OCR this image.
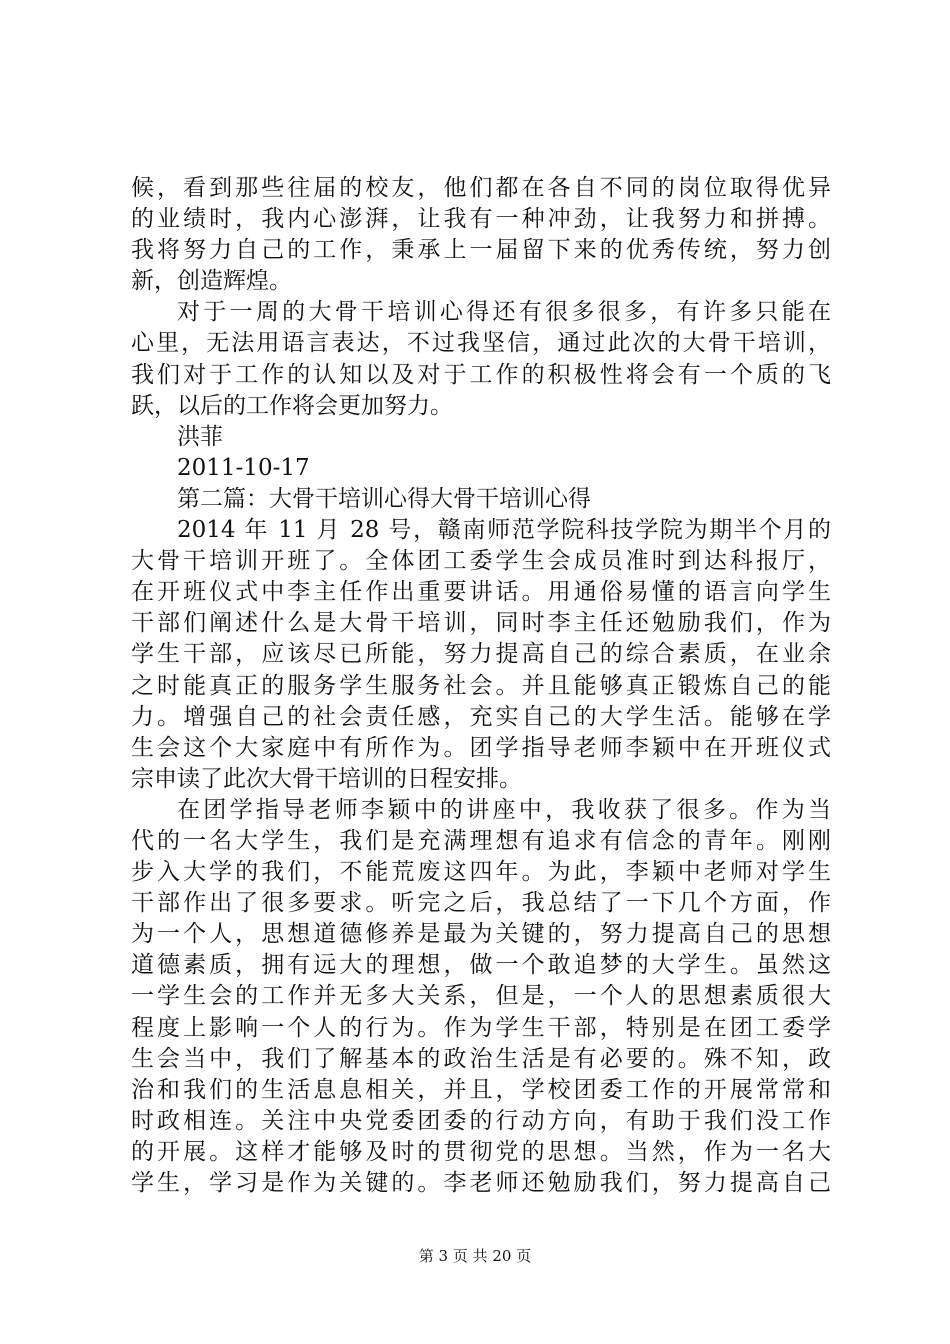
候，看到那些往届的校友，他们都在各自不同的岗位取得优异
的业绩时，我内心澎湃，让我有一种冲劲，让我努力和拼搏。
我将努力自己的工作，秉承上一届留下来的优秀传统，努力创
新，创造辉煌。
对于一周的大骨干培训心得还有很多很多，有许多只能在
心里，无法用语言表达，不过我坚信，通过此次的大骨干培训，
我们对于工作的认知以及对于工作的积极性将会有一个质的飞
跃，以后的工作将会更加努力。
洪菲
2011-10-17
第二篇：大骨干培训心得大骨干培训心得
2014 年 11 月 28 号，赣南师范学院科技学院为期半个月的
大骨干培训开班了。全体团工委学生会成员准时到达科报厅，
在开班仪式中李主任作出重要讲话。用通俗易懂的语言向学生
干部们阐述什么是大骨干培训，同时李主任还勉励我们，作为
学生干部，应该尽已所能，努力提高自己的综合素质，在业余
之时能真正的服务学生服务社会。并且能够真正锻炼自己的能
力。增强自己的社会责任感，充实自己的大学生活。能够在学
生会这个大家庭中有所作为。团学指导老师李颖中在开班仪式
宗申读了此次大骨干培训的日程安排。
在团学指导老师李颖中的讲座中，我收获了很多。作为当
代的一名大学生，我们是充满理想有追求有信念的青年。刚刚
步入大学的我们，不能荒废这四年。为此，李颖中老师对学生
干部作出了很多要求。听完之后，我总结了一下几个方面，作
为一个人，思想道德修养是最为关键的，努力提高自己的思想
道德素质，拥有远大的理想，做一个敢追梦的大学生。虽然这
一学生会的工作并无多大关系，但是，一个人的思想素质很大
程度上影响一个人的行为。作为学生干部，特别是在团工委学
生会当中，我们了解基本的政治生活是有必要的。殊不知，政
治和我们的生活息息相关，并且，学校团委工作的开展常常和
时政相连。关注中央党委团委的行动方向，有助于我们没工作
的开展。这样才能够及时的贯彻党的思想。当然，作为一名大
学生，学习是作为关键的。李老师还勉励我们，努力提高自己
第 3 页 共 20 页
